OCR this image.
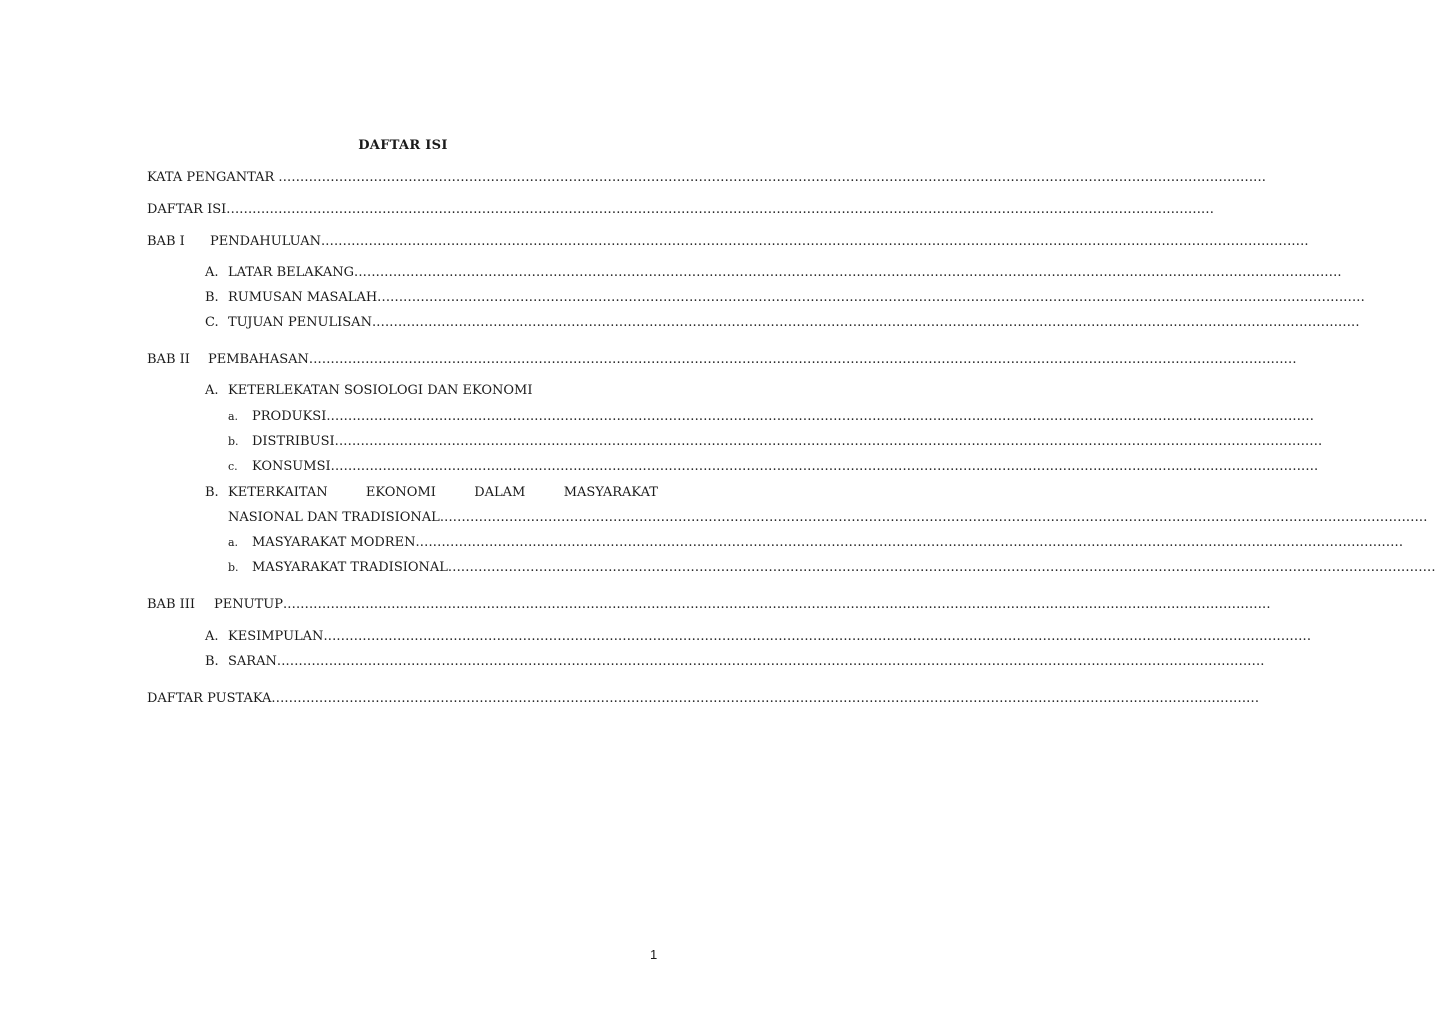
DAFTAR ISI
KATA PENGANTAR ....................................................................................................................................................................................................................................
DAFTAR ISI....................................................................................................................................................................................................................................
BAB I PENDAHULUAN....................................................................................................................................................................................................................................
A. LATAR BELAKANG....................................................................................................................................................................................................................................
B. RUMUSAN MASALAH....................................................................................................................................................................................................................................
C. TUJUAN PENULISAN....................................................................................................................................................................................................................................
BAB II PEMBAHASAN....................................................................................................................................................................................................................................
A. KETERLEKATAN SOSIOLOGI DAN EKONOMI
a. PRODUKSI....................................................................................................................................................................................................................................
b. DISTRIBUSI....................................................................................................................................................................................................................................
c. KONSUMSI....................................................................................................................................................................................................................................
B. KETERKAITAN	EKONOMI	DALAM	MASYARAKAT
NASIONAL DAN TRADISIONAL....................................................................................................................................................................................................................................
a. MASYARAKAT MODREN....................................................................................................................................................................................................................................
b. MASYARAKAT TRADISIONAL....................................................................................................................................................................................................................................
BAB III PENUTUP....................................................................................................................................................................................................................................
A. KESIMPULAN....................................................................................................................................................................................................................................
B. SARAN....................................................................................................................................................................................................................................
DAFTAR PUSTAKA....................................................................................................................................................................................................................................
1
